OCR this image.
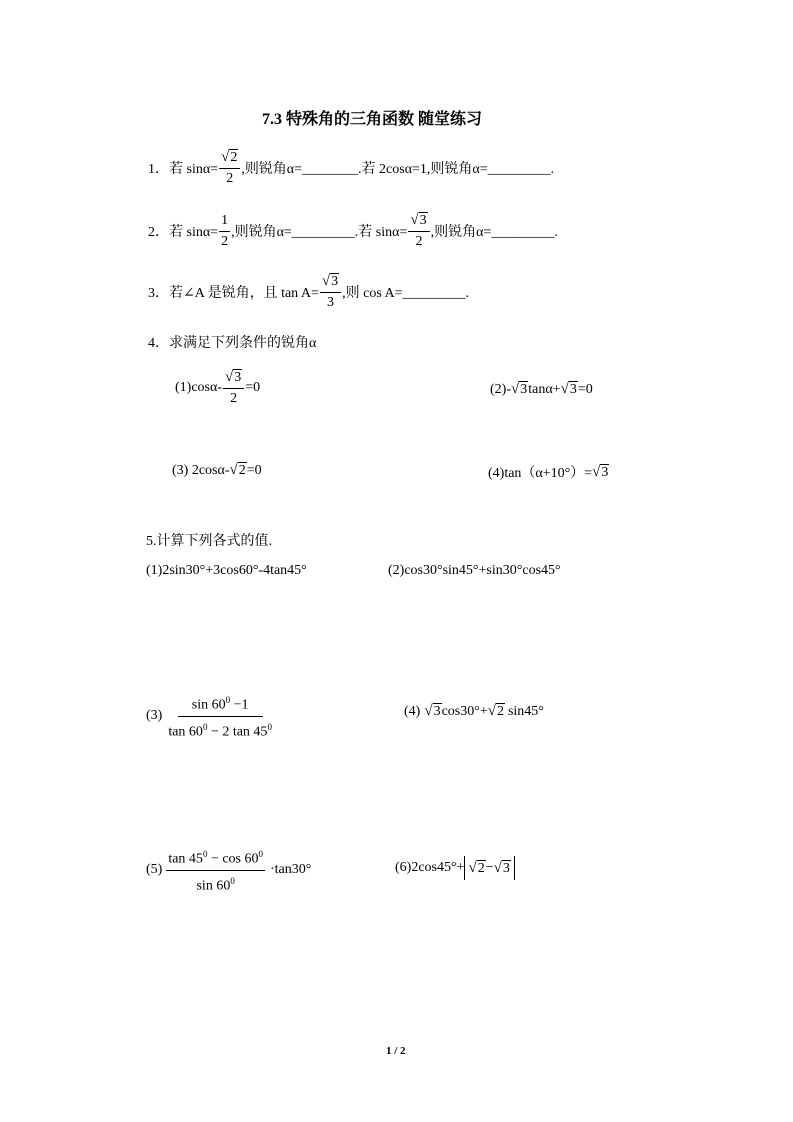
7.3 特殊角的三角函数 随堂练习
1． 若 $\sin\alpha= \frac{√ 2}{2}$ ,则锐角α=________.若 2cosα=1,则锐角α=_________.
2． 若 $\sin\alpha= \frac{1}{2}$ ,则锐角α=_________.若 $\sin\alpha= \frac{√ 3}{2}$ ,则锐角α=_________.
3． 若∠A 是锐角，且 $\tan A= \frac{√ 3}{3}$ ,则 cos A=_________.
4．求满足下列条件的锐角α
$(1)\cos\alpha- \frac{√ 3}{2} =0$	(2)- √ 3 tanα+ √ 3 =0
(3) 2cosα- √ 2 =0	(4)tan（α+10°）= √ 3
5.计算下列各式的值.
(1)2sin30°+3cos60°-4tan45°	(2)cos30°sin45°+sin30°cos45°
$(3) \frac{\sin 60^0 -1}{\tan 60^0 - 2 \tan 45^0}$	(4) √ 3 cos30°+ √ 2 sin45°
$(5) \frac{\tan 45^0 - \cos 60^0}{\sin 60^0} \cdot\tan 30^\circ$	(6)2cos45°+ √ 2 − √ 3
1 / 2
